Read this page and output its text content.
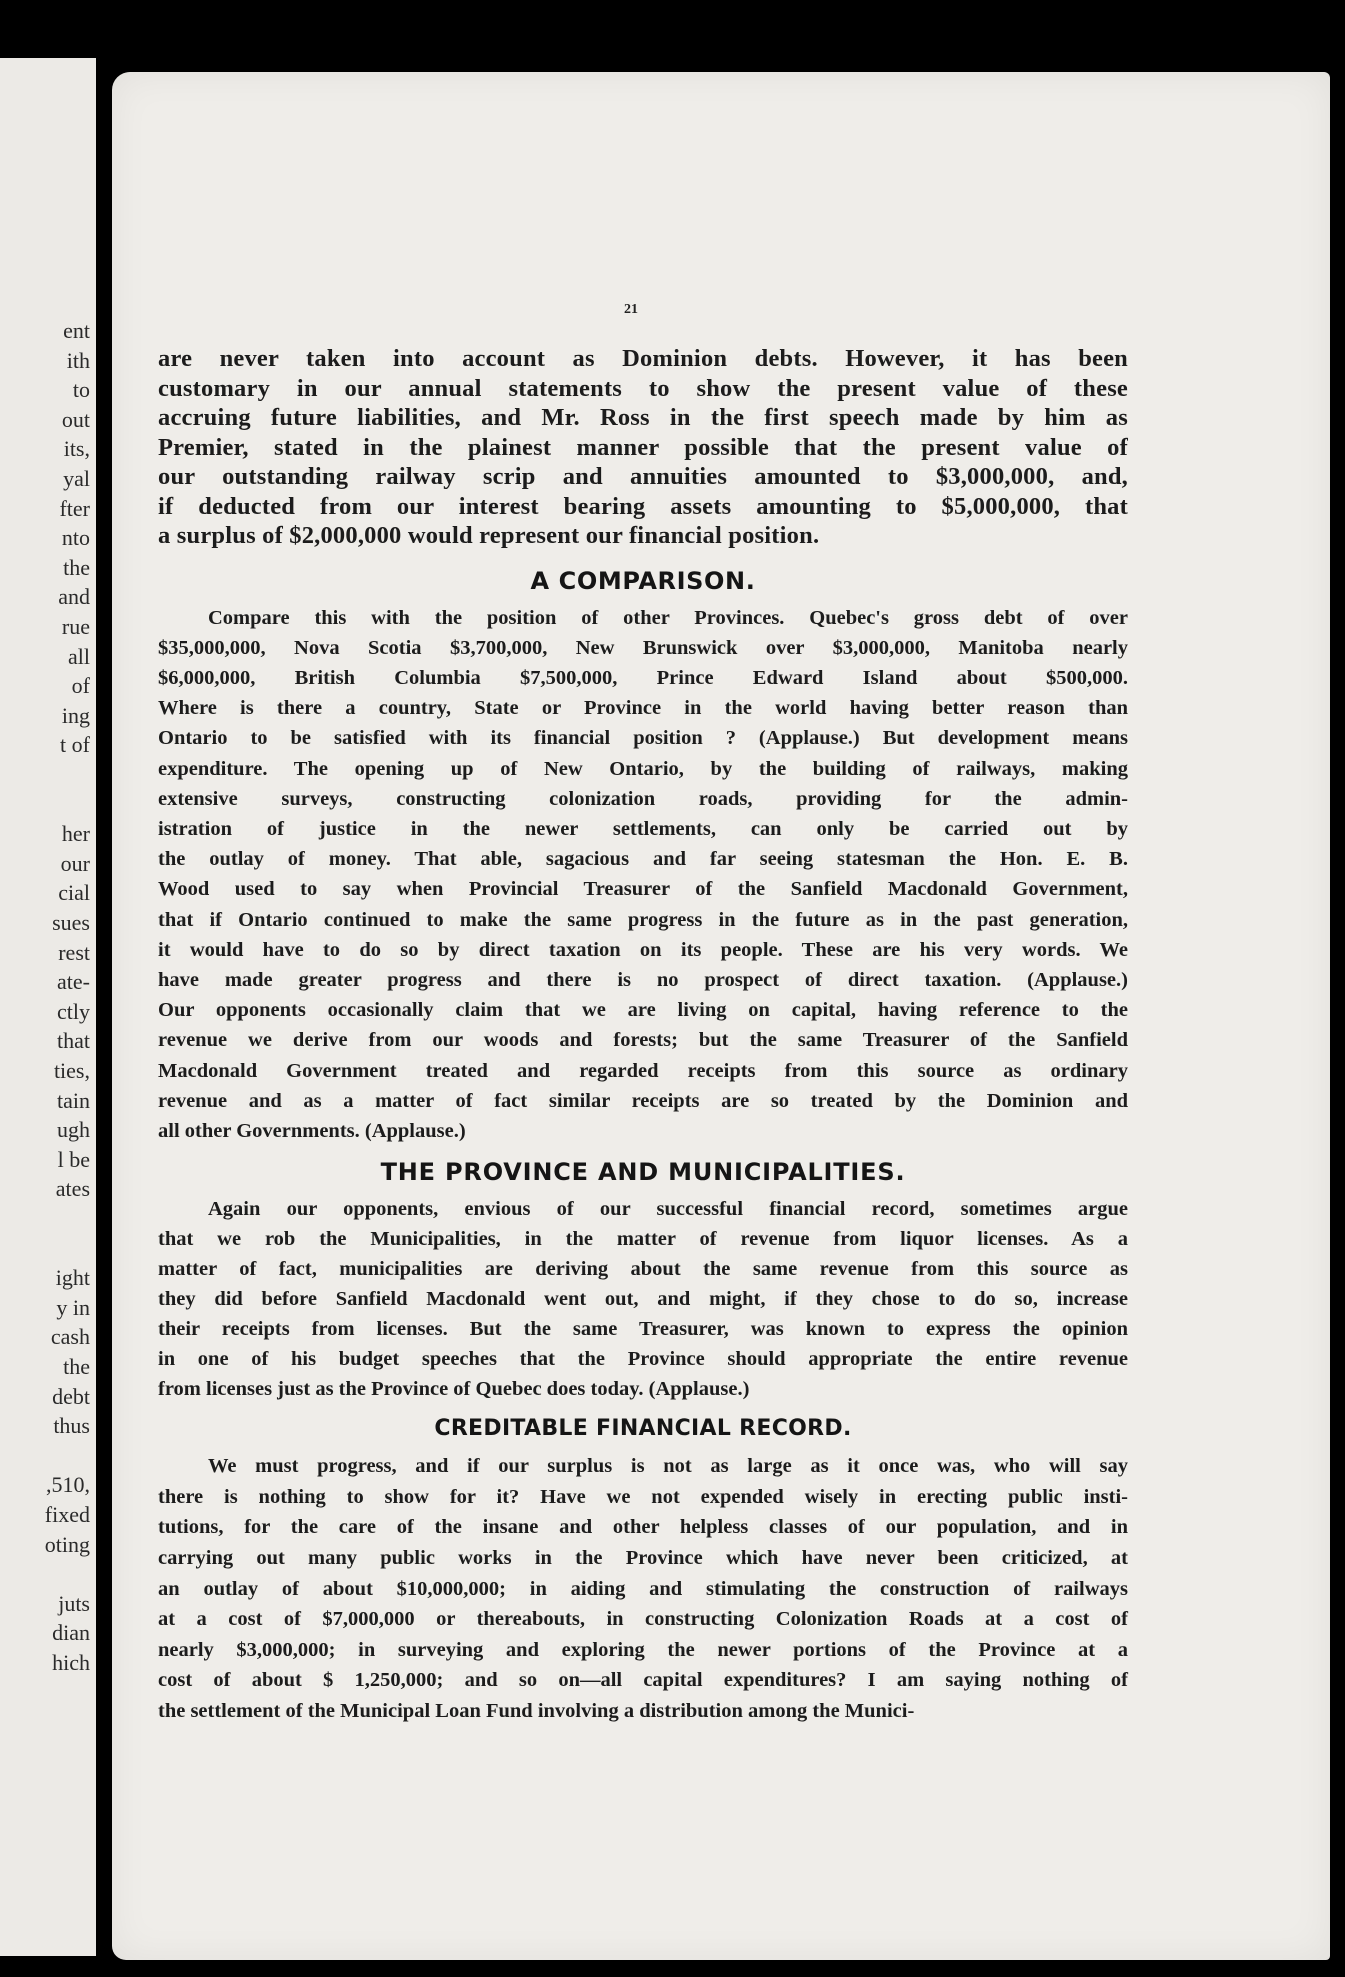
ent
ith
to
out
its,
yal
fter
nto
the
and
rue
all
of
ing
t of
her
our
cial
sues
rest
ate-
ctly
that
ties,
tain
ugh
l be
ates
ight
y in
cash
the
debt
thus
,510,
fixed
oting
juts
dian
hich
21
are never taken into account as Dominion debts. However, it has been
customary in our annual statements to show the present value of these
accruing future liabilities, and Mr. Ross in the first speech made by him as
Premier, stated in the plainest manner possible that the present value of
our outstanding railway scrip and annuities amounted to $3,000,000, and,
if deducted from our interest bearing assets amounting to $5,000,000, that
a surplus of $2,000,000 would represent our financial position.
A COMPARISON.
Compare this with the position of other Provinces. Quebec's gross debt of over
$35,000,000, Nova Scotia $3,700,000, New Brunswick over $3,000,000, Manitoba nearly
$6,000,000, British Columbia $7,500,000, Prince Edward Island about $500,000.
Where is there a country, State or Province in the world having better reason than
Ontario to be satisfied with its financial position ? (Applause.) But development means
expenditure. The opening up of New Ontario, by the building of railways, making
extensive surveys, constructing colonization roads, providing for the admin-
istration of justice in the newer settlements, can only be carried out by
the outlay of money. That able, sagacious and far seeing statesman the Hon. E. B.
Wood used to say when Provincial Treasurer of the Sanfield Macdonald Government,
that if Ontario continued to make the same progress in the future as in the past generation,
it would have to do so by direct taxation on its people. These are his very words. We
have made greater progress and there is no prospect of direct taxation. (Applause.)
Our opponents occasionally claim that we are living on capital, having reference to the
revenue we derive from our woods and forests; but the same Treasurer of the Sanfield
Macdonald Government treated and regarded receipts from this source as ordinary
revenue and as a matter of fact similar receipts are so treated by the Dominion and
all other Governments. (Applause.)
THE PROVINCE AND MUNICIPALITIES.
Again our opponents, envious of our successful financial record, sometimes argue
that we rob the Municipalities, in the matter of revenue from liquor licenses. As a
matter of fact, municipalities are deriving about the same revenue from this source as
they did before Sanfield Macdonald went out, and might, if they chose to do so, increase
their receipts from licenses. But the same Treasurer, was known to express the opinion
in one of his budget speeches that the Province should appropriate the entire revenue
from licenses just as the Province of Quebec does today. (Applause.)
CREDITABLE FINANCIAL RECORD.
We must progress, and if our surplus is not as large as it once was, who will say
there is nothing to show for it? Have we not expended wisely in erecting public insti-
tutions, for the care of the insane and other helpless classes of our population, and in
carrying out many public works in the Province which have never been criticized, at
an outlay of about $10,000,000; in aiding and stimulating the construction of railways
at a cost of $7,000,000 or thereabouts, in constructing Colonization Roads at a cost of
nearly $3,000,000; in surveying and exploring the newer portions of the Province at a
cost of about $ 1,250,000; and so on—all capital expenditures? I am saying nothing of
the settlement of the Municipal Loan Fund involving a distribution among the Munici-
